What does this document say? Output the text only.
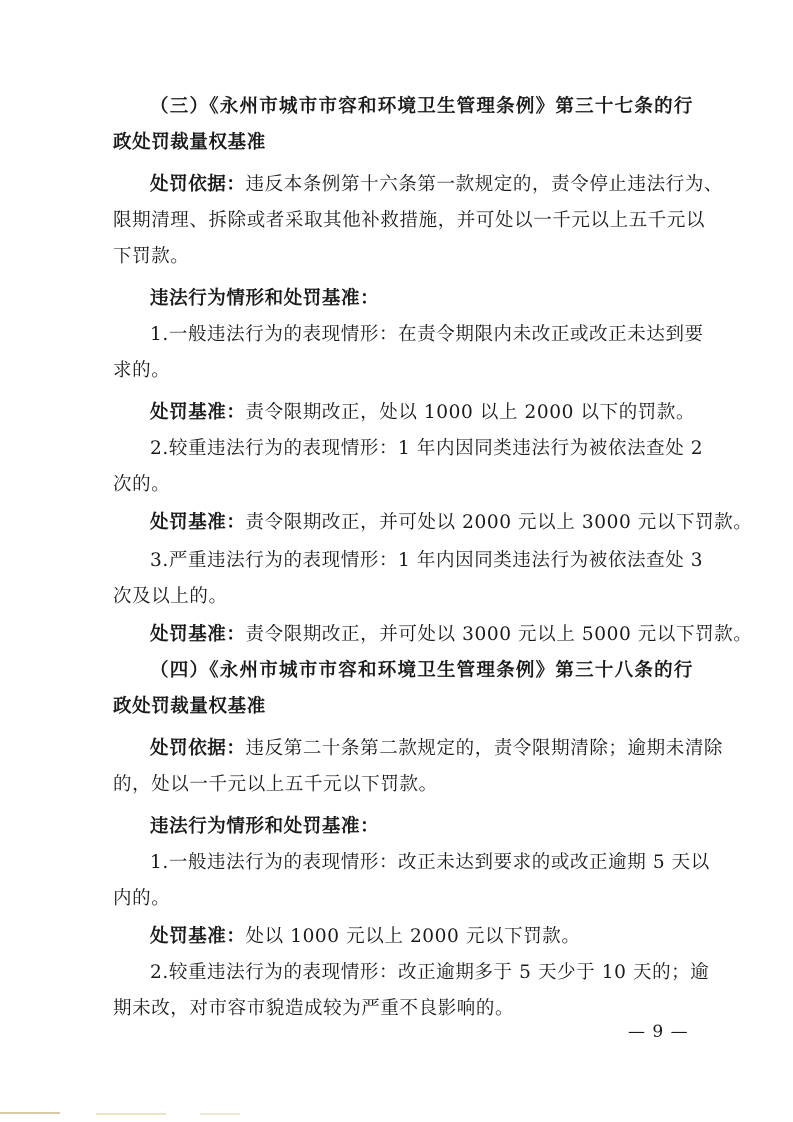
（三）《永州市城市市容和环境卫生管理条例》第三十七条的行
政处罚裁量权基准
处罚依据：违反本条例第十六条第一款规定的，责令停止违法行为、
限期清理、拆除或者采取其他补救措施，并可处以一千元以上五千元以
下罚款。
违法行为情形和处罚基准：
1.一般违法行为的表现情形：在责令期限内未改正或改正未达到要
求的。
处罚基准：责令限期改正，处以 1000 以上 2000 以下的罚款。
2.较重违法行为的表现情形：1 年内因同类违法行为被依法查处 2
次的。
处罚基准：责令限期改正，并可处以 2000 元以上 3000 元以下罚款。
3.严重违法行为的表现情形：1 年内因同类违法行为被依法查处 3
次及以上的。
处罚基准：责令限期改正，并可处以 3000 元以上 5000 元以下罚款。
（四）《永州市城市市容和环境卫生管理条例》第三十八条的行
政处罚裁量权基准
处罚依据：违反第二十条第二款规定的，责令限期清除；逾期未清除
的，处以一千元以上五千元以下罚款。
违法行为情形和处罚基准：
1.一般违法行为的表现情形：改正未达到要求的或改正逾期 5 天以
内的。
处罚基准：处以 1000 元以上 2000 元以下罚款。
2.较重违法行为的表现情形：改正逾期多于 5 天少于 10 天的；逾
期未改，对市容市貌造成较为严重不良影响的。
— 9 —
